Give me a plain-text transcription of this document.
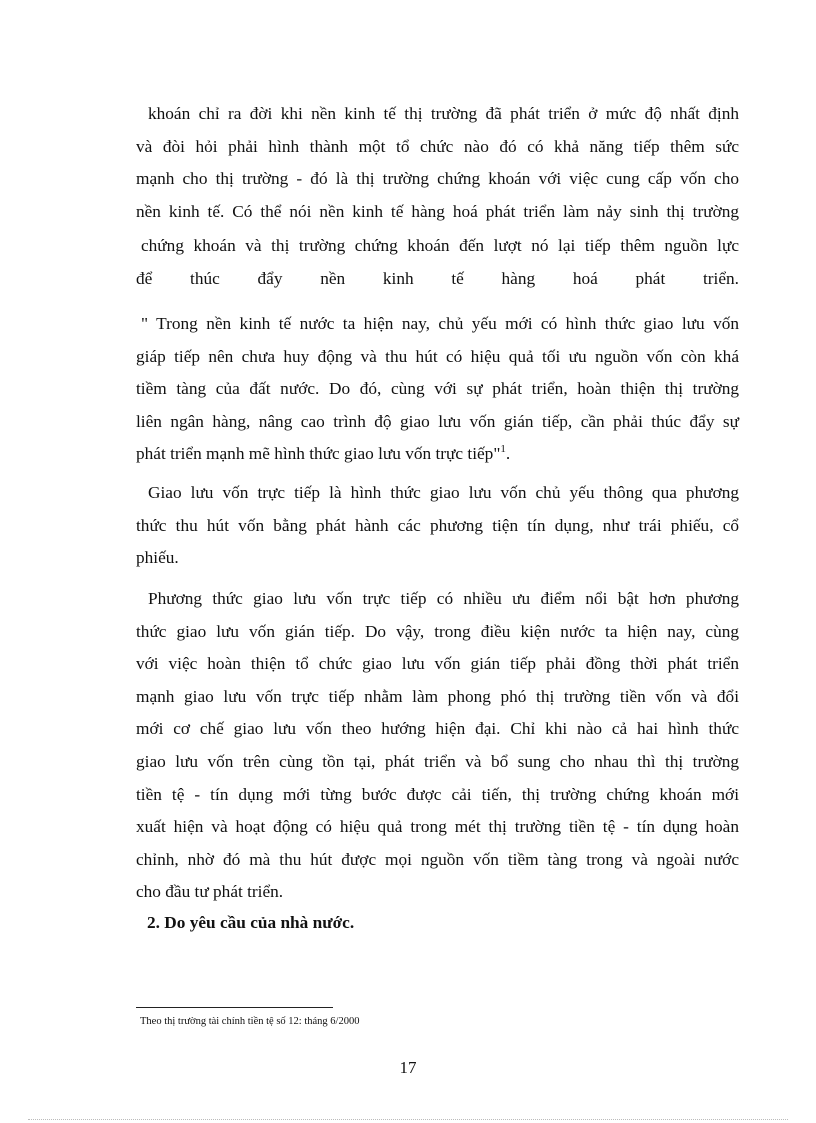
khoán chỉ ra đời khi nền kinh tế thị trường đã phát triển ở mức độ nhất định
và đòi hỏi phải hình thành một tổ chức nào đó có khả năng tiếp thêm sức
mạnh cho thị trường - đó là thị trường chứng khoán với việc cung cấp vốn cho
nền kinh tế. Có thể nói nền kinh tế hàng hoá phát triển làm nảy sinh thị trường
chứng khoán và thị trường chứng khoán đến lượt nó lại tiếp thêm nguồn lực
để thúc đẩy nền kinh tế hàng hoá phát triển.
" Trong nền kinh tế nước ta hiện nay, chủ yếu mới có hình thức giao lưu vốn
giáp tiếp nên chưa huy động và thu hút có hiệu quả tối ưu nguồn vốn còn khá
tiềm tàng của đất nước. Do đó, cùng với sự phát triển, hoàn thiện thị trường
liên ngân hàng, nâng cao trình độ giao lưu vốn gián tiếp, cần phải thúc đẩy sự
phát triển mạnh mẽ hình thức giao lưu vốn trực tiếp"$^1$.
Giao lưu vốn trực tiếp là hình thức giao lưu vốn chủ yếu thông qua phương
thức thu hút vốn bằng phát hành các phương tiện tín dụng, như trái phiếu, cổ
phiếu.
Phương thức giao lưu vốn trực tiếp có nhiều ưu điểm nổi bật hơn phương
thức giao lưu vốn gián tiếp. Do vậy, trong điều kiện nước ta hiện nay, cùng
với việc hoàn thiện tổ chức giao lưu vốn gián tiếp phải đồng thời phát triển
mạnh giao lưu vốn trực tiếp nhằm làm phong phó thị trường tiền vốn và đổi
mới cơ chế giao lưu vốn theo hướng hiện đại. Chỉ khi nào cả hai hình thức
giao lưu vốn trên cùng tồn tại, phát triển và bổ sung cho nhau thì thị trường
tiền tệ - tín dụng mới từng bước được cải tiến, thị trường chứng khoán mới
xuất hiện và hoạt động có hiệu quả trong mét thị trường tiền tệ - tín dụng hoàn
chỉnh, nhờ đó mà thu hút được mọi nguồn vốn tiềm tàng trong và ngoài nước
cho đầu tư phát triển.

2. Do yêu cầu của nhà nước.

Theo thị trường tài chính tiền tệ số 12: tháng 6/2000

17
